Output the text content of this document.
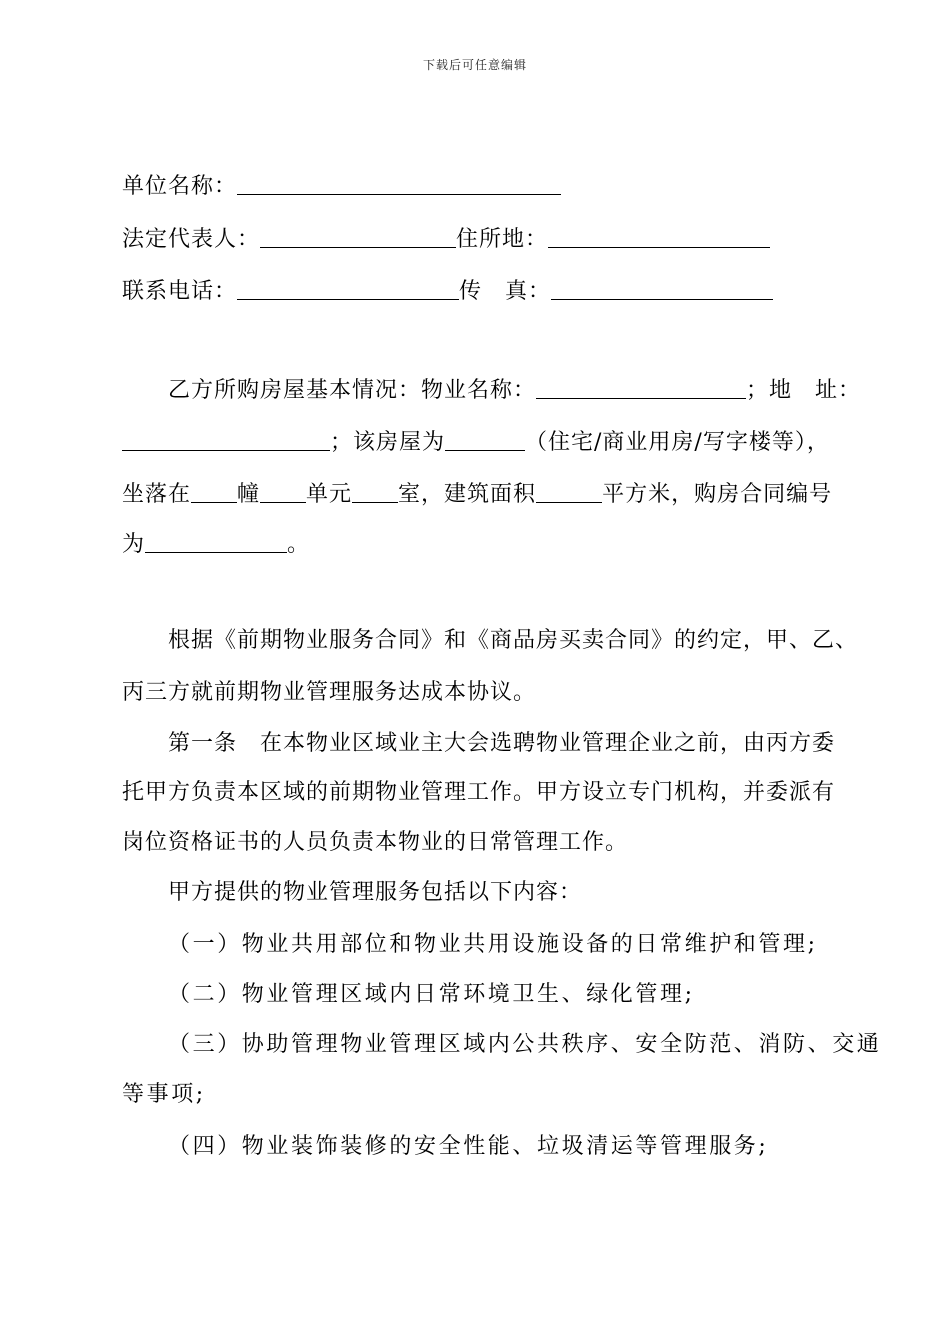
下载后可任意编辑
单位名称：
法定代表人：	住所地：
联系电话：	传　真：
乙方所购房屋基本情况：物业名称：	；地　址：
；该房屋为	（住宅/商业用房/写字楼等），
坐落在 幢 单元 室，建筑面积	平方米，购房合同编号
为	。
根据《前期物业服务合同》和《商品房买卖合同》的约定，甲、乙、
丙三方就前期物业管理服务达成本协议。
第一条　在本物业区域业主大会选聘物业管理企业之前，由丙方委
托甲方负责本区域的前期物业管理工作。甲方设立专门机构，并委派有
岗位资格证书的人员负责本物业的日常管理工作。
甲方提供的物业管理服务包括以下内容：
（一）物业共用部位和物业共用设施设备的日常维护和管理;
（二）物业管理区域内日常环境卫生、绿化管理;
（三）协助管理物业管理区域内公共秩序、安全防范、消防、交通
等事项;
（四）物业装饰装修的安全性能、垃圾清运等管理服务;
